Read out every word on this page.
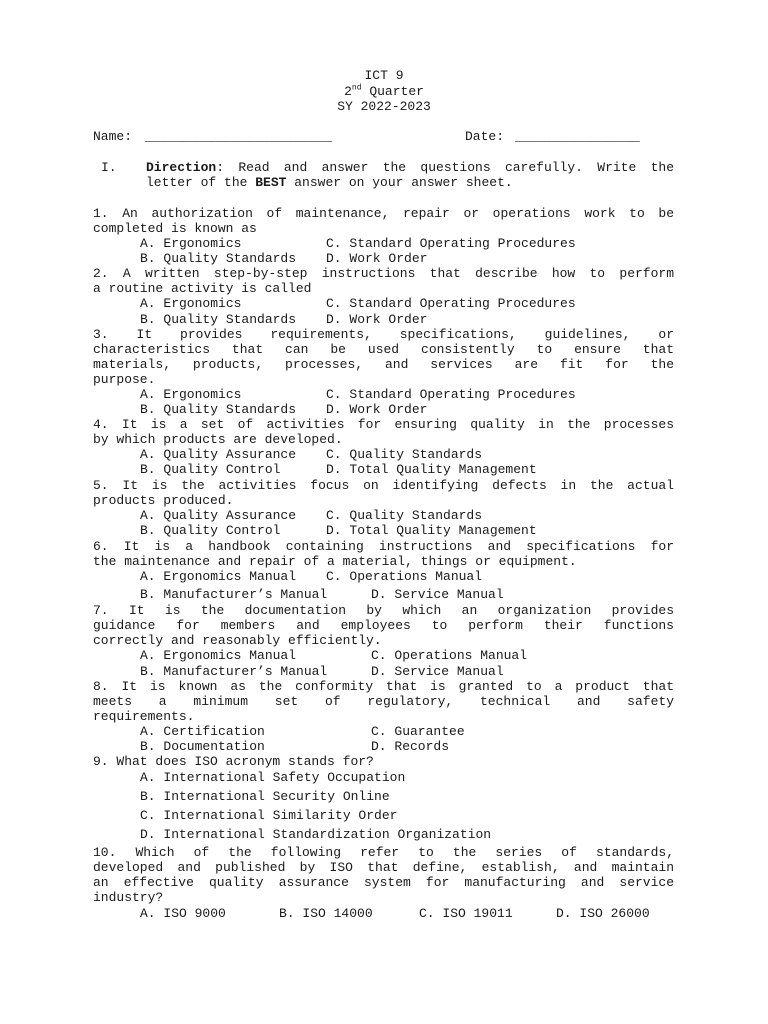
ICT 9
2nd Quarter
SY 2022-2023
Name: ________________________	Date: ________________
I. Direction: Read and answer the questions carefully. Write the
letter of the BEST answer on your answer sheet.
1. An authorization of maintenance, repair or operations work to be
completed is known as
A. Ergonomics	C. Standard Operating Procedures
B. Quality Standards D. Work Order
2. A written step-by-step instructions that describe how to perform
a routine activity is called
A. Ergonomics	C. Standard Operating Procedures
B. Quality Standards D. Work Order
3. It provides requirements, specifications, guidelines, or
characteristics that can be used consistently to ensure that
materials, products, processes, and services are fit for the
purpose.
A. Ergonomics	C. Standard Operating Procedures
B. Quality Standards D. Work Order
4. It is a set of activities for ensuring quality in the processes
by which products are developed.
A. Quality Assurance C. Quality Standards
B. Quality Control	D. Total Quality Management
5. It is the activities focus on identifying defects in the actual
products produced.
A. Quality Assurance C. Quality Standards
B. Quality Control	D. Total Quality Management
6. It is a handbook containing instructions and specifications for
the maintenance and repair of a material, things or equipment.
A. Ergonomics Manual C. Operations Manual
B. Manufacturer’s Manual	D. Service Manual
7. It is the documentation by which an organization provides
guidance for members and employees to perform their functions
correctly and reasonably efficiently.
A. Ergonomics Manual	C. Operations Manual
B. Manufacturer’s Manual	D. Service Manual
8. It is known as the conformity that is granted to a product that
meets a minimum set of regulatory, technical and safety
requirements.
A. Certification	C. Guarantee
B. Documentation	D. Records
9. What does ISO acronym stands for?
A. International Safety Occupation
B. International Security Online
C. International Similarity Order
D. International Standardization Organization
10. Which of the following refer to the series of standards,
developed and published by ISO that define, establish, and maintain
an effective quality assurance system for manufacturing and service
industry?
A. ISO 9000	B. ISO 14000	C. ISO 19011	D. ISO 26000
